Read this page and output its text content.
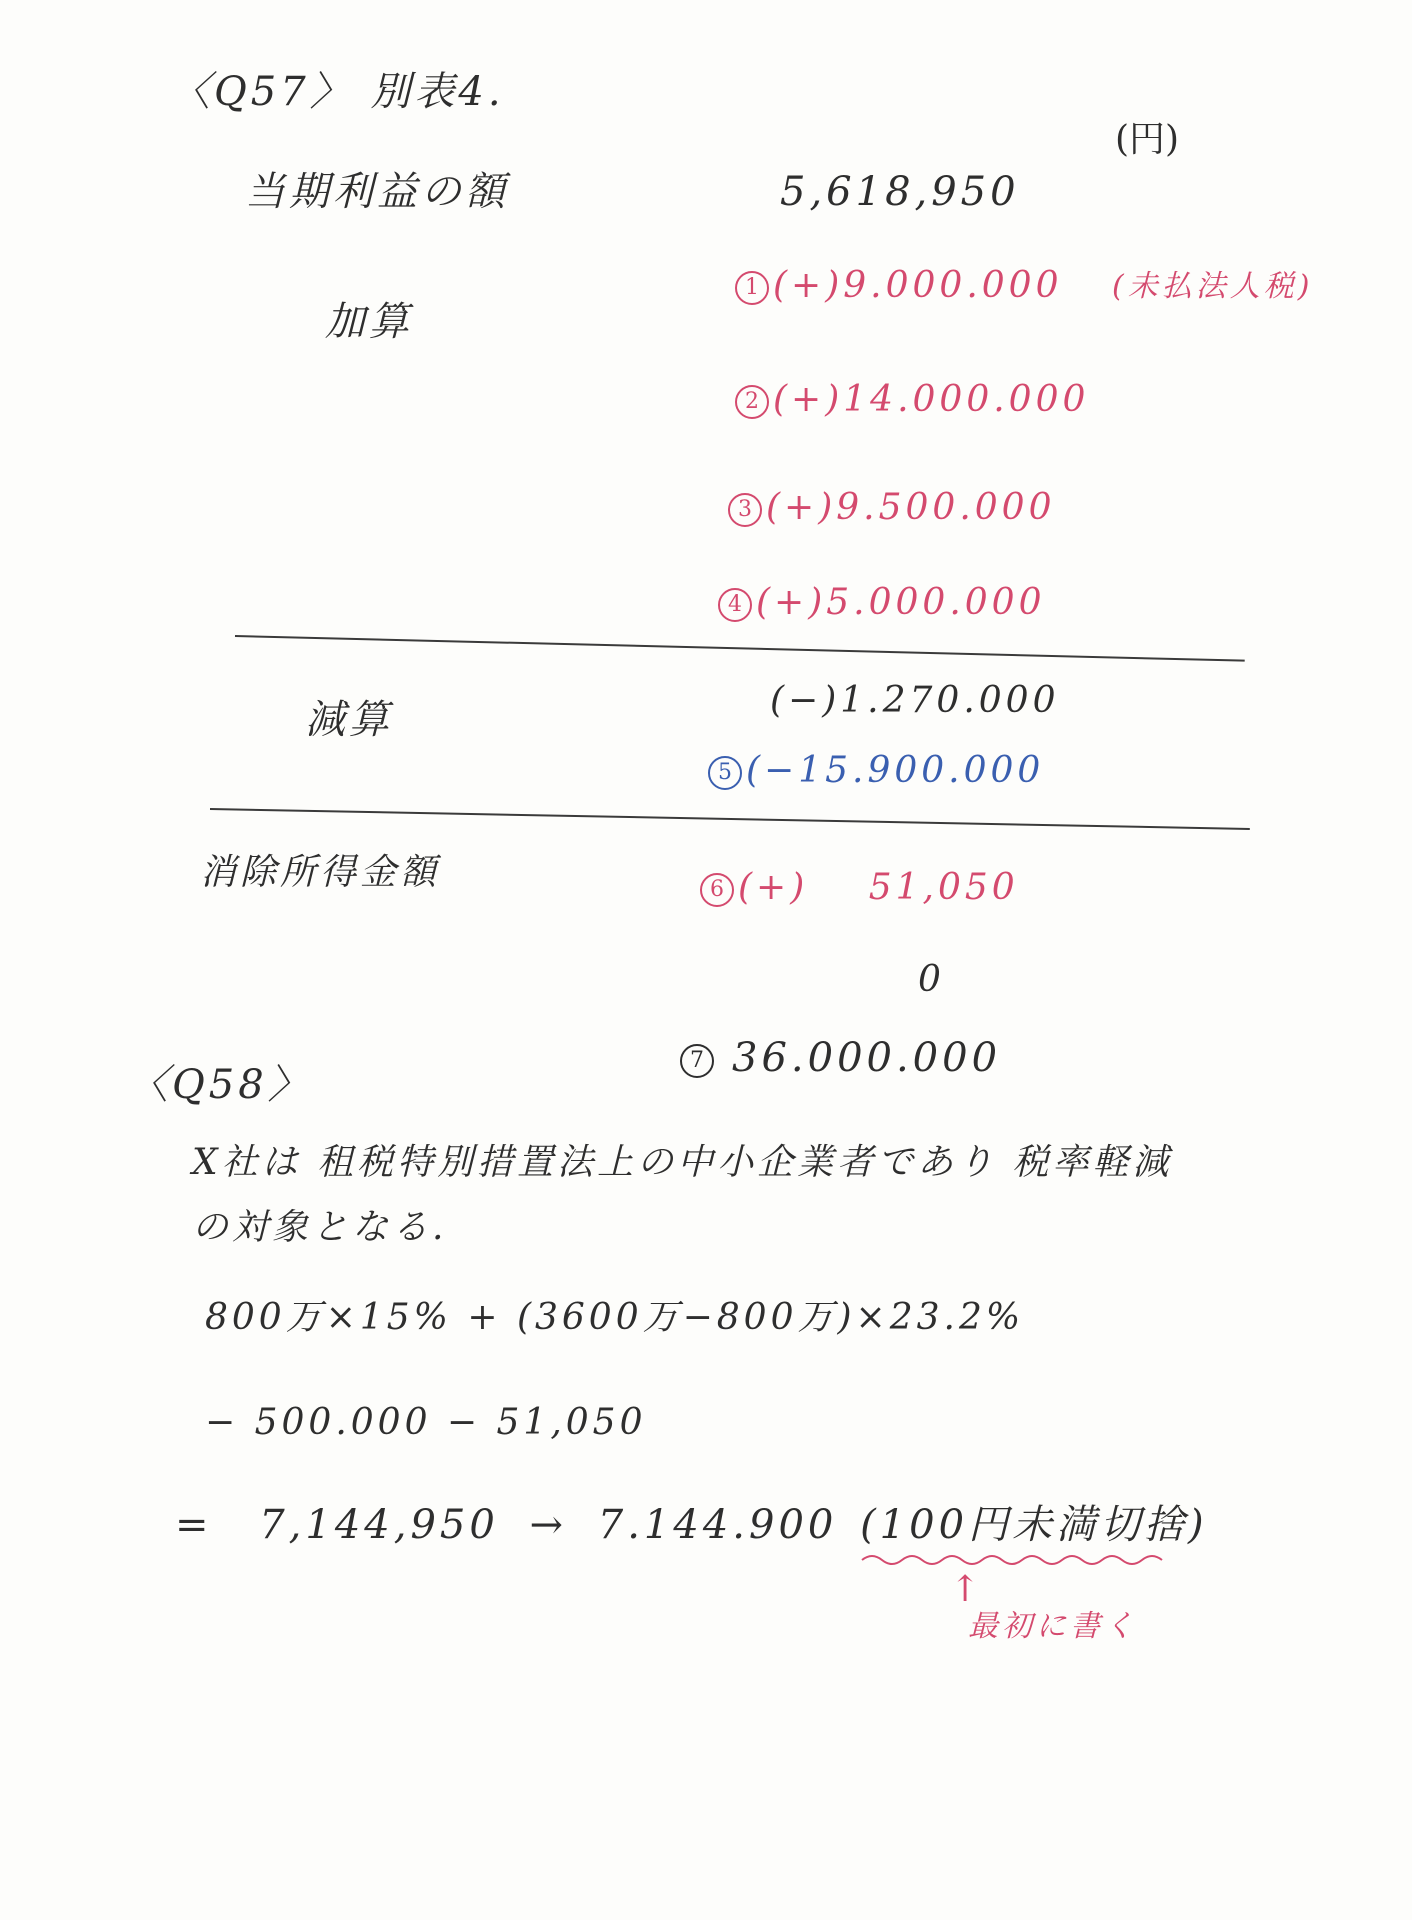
〈Q57〉 別表4.
(円)
当期利益の額	5,618,950
加算
1 (+)9.000.000 (未払法人税)
2 (+)14.000.000
3 (+)9.500.000
4 (+)5.000.000
減算	(−)1.270.000
5 (−15.900.000
消除所得金額	6 (+) 51,050
0
7 36.000.000
〈Q58〉
X社は 租税特別措置法上の中小企業者であり 税率軽減
の対象となる.
800万×15% + (3600万−800万)×23.2%
− 500.000 − 51,050
= 7,144,950 → 7.144.900 (100円未満切捨)
↑
最初に書く
